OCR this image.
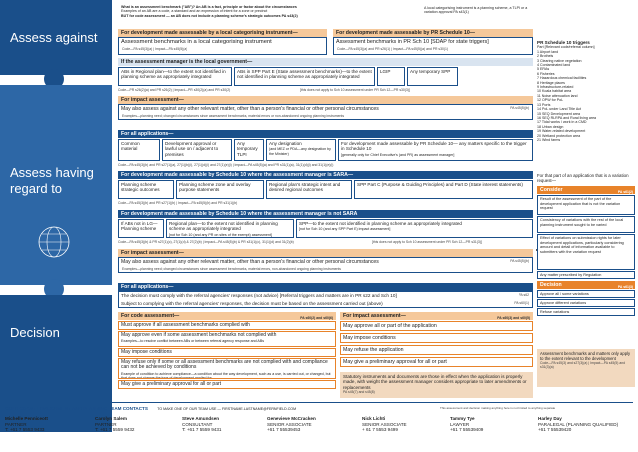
Assess against
Assess having regard to
Decision
What is an assessment benchmark ("AB")? An AB is a fact, principle or factor about the circumstances
Examples of an AB are a code, a standard and an expression of intent for a zone or precinct
BUT for code assessment — an AB does not include a planning scheme's strategic outcomes PA s43(2)
A local categorising instrument is a planning scheme, a TLPI or a variation approval PA s43(1)
For development made assessable by a local categorising instrument—
Assessment benchmarks in a local categorising instrument
Code—PA s45(3)(a) | Impact—PA s45(5)(a)
For development made assessable by PR Schedule 10—
Assessment benchmarks in PR Sch 10 [SDAP for state triggers]
Code—PA s45(3)(a) and PR s26(1) | Impact—PA s45(5)(a) and PR s30(1)
If the assessment manager is the local government—
ABs in Regional plan—to the extent not identified in planning scheme as appropriately integrated
ABs in SPP Part E (State assessment benchmarks)—to the extent not identified in planning scheme as appropriately integrated
LGIP	Any temporary SPP
Code—PR s26(2)(a) and PR s26(2) | Impact—PR s30(2)(a) and PR s30(2)	[this does not apply to Sch 10 assessment under PR Sch 12—PR s30(3)]
For impact assessment—
May also assess against any other relevant matter, other than a person's financial or other personal circumstances	PA s45(5)(b)
Examples—planning need; changed circumstances since assessment benchmarks, material errors or non-abandoned ongoing planning instruments
PR Schedule 10 triggers
Part [Relevant code/referral column]
1 Airport land
2 Brothels
3 Clearing native vegetation
4 Contaminated land
5 ERAs
6 Fisheries
7 Hazardous chemical facilities
8 Heritage places
9 Infrastructure-related
10 Koala habitat area
11 Noise attenuation land
12 OPW for PoL
13 Ports
14 PoL under Land Title Act
15 SEQ Development area
16 SEQ RLRPA and Rural living area
17 Tidal works / work in a CMD
18 Urban design
19 Water-related development
20 Wetland protection area
21 Wind farms
For all applications—
Common material
Development approval or lawful use on / adjacent to premises
Any temporary TLPI
Any designation
(and MEZ or PDA—any designation by the Minister)
For development made assessable by PR Schedule 10— any matters specific to the trigger in Schedule 10
[generally only for Chief Executive's (and PR) as assessment manager]
Code—PA s45(3)(b) and PR s27(1)(a), 27(1)(b)(i), 27(1)(d)(i) and 27(1)(e)(i) | Impact—PA s45(5)(a) and PR s31(1)(a), 31(1)(d)(i) and 31(1)(e)(i)
For development made assessable by Schedule 10 where the assessment manager is SARA—
Planning scheme strategic outcomes
Planning scheme zone and overlay purpose statements
Regional plan's strategic intent and desired regional outcomes
SPP Part C (Purpose & Guiding Principles) and Part D (State interest statements)
Code—PA s45(3)(b) and PR s27(1)(b) | Impact—PA s45(5)(b) and PR s31(1)(b)
For development made assessable by Schedule 10 where the assessment manager is not SARA
If ABs not in LG—Planning scheme
Regional plan—to the extent not identified in planning scheme as appropriately integrated
[not for Sch 10 (and any PR on sites of the exempt) assessment]
SPP—to the extent not identified in planning scheme as appropriately integrated
[not for Sch 10 (and any SPP Part E) impact assessment]
Code—PA s45(3)(b) & PR s27(1)(c), 27(1)(d) & 27(2)(b) | Impact—PA s45(5)(b) & PR s31(1)(c), 31(1)(d) and 31(2)(b)	[this does not apply to Sch 10 assessment under PR Sch 12—PR s31(3)]
For impact assessment—
May also assess against any other relevant matter, other than a person's financial or other personal circumstances	PA s45(5)(b)
Examples—planning need; changed circumstances since assessment benchmarks, material errors, non-abandoned ongoing planning instruments
For all applications—
The decision must comply with the referral agencies' responses (not advice) [Referral triggers and matters are in PR s22 and Sch 10]	PA s62
Subject to complying with the referral agencies' responses, the decision must be based on the assessment carried out (above)	PA s60(1)
For code assessment—	PA s60(2) and s60(6)
Must approve if all assessment benchmarks complied with
May approve even if some assessment benchmarks not complied with
Examples—to resolve conflict between ABs or between referral agency response and ABs
May impose conditions
May refuse only if some or all assessment benchmarks are not complied with and compliance can not be achieved by conditions
Example of condition to achieve compliance—a condition about the way development, such as a use, is carried out, or changed, but that does not change the type of development applied for
May give a preliminary approval for all or part
For impact assessment—	PA s60(3) and s60(5)
May approve all or part of the application
May impose conditions
May refuse the application
May give a preliminary approval for all or part
Statutory instruments and documents are those in effect when the application is properly made, with weight the assessment manager considers appropriate to later amendments or replacements
PA s45(7) and s45(8)
For that part of an application that is a variation request—
Consider	PA s61(2)
Result of the assessment of the part of the development application that is not the variation request
Consistency of variations with the rest of the local planning instrument sought to be varied
Effect of variations on submission rights for later development applications, particularly considering amount and detail of information available to submitters with the variation request
Any matter prescribed by Regulation
Decision	PA s61(3)
Approve all / some variations
Approve different variations
Refuse variations
Assessment benchmarks and matters only apply to the extent relevant to the development
Code—PA s45(3) and s27(3)(a) | Impact—PA s45(5) and s31(3)(a)
GOLD COAST ENVIRONMENT AND PLANNING TEAM CONTACTS	TO MAKE ONE OF OUR TEAM USE — FIRSTNAME.LASTNAME@FERNFIELD.COM	This assessment and decision making anything here is not limited to anything separate
Michelle Penniceott
PARTNER
T: +61 7 5553 9433
Carolyn Salem
PARTNER
T: +61 7 5559 9432
Steve Amundsen
CONSULTANT
T: +61 7 5559 9431
Genevieve McCracken
SENIOR ASSOCIATE
+61 7 55539453
Nick Lichti
SENIOR ASSOCIATE
+ 61 7 5553 9499
Tammy Tye
LAWYER
+61 7 55539409
Harley Day
PARALEGAL (PLANNING QUALIFIED)
+61 7 55539420
